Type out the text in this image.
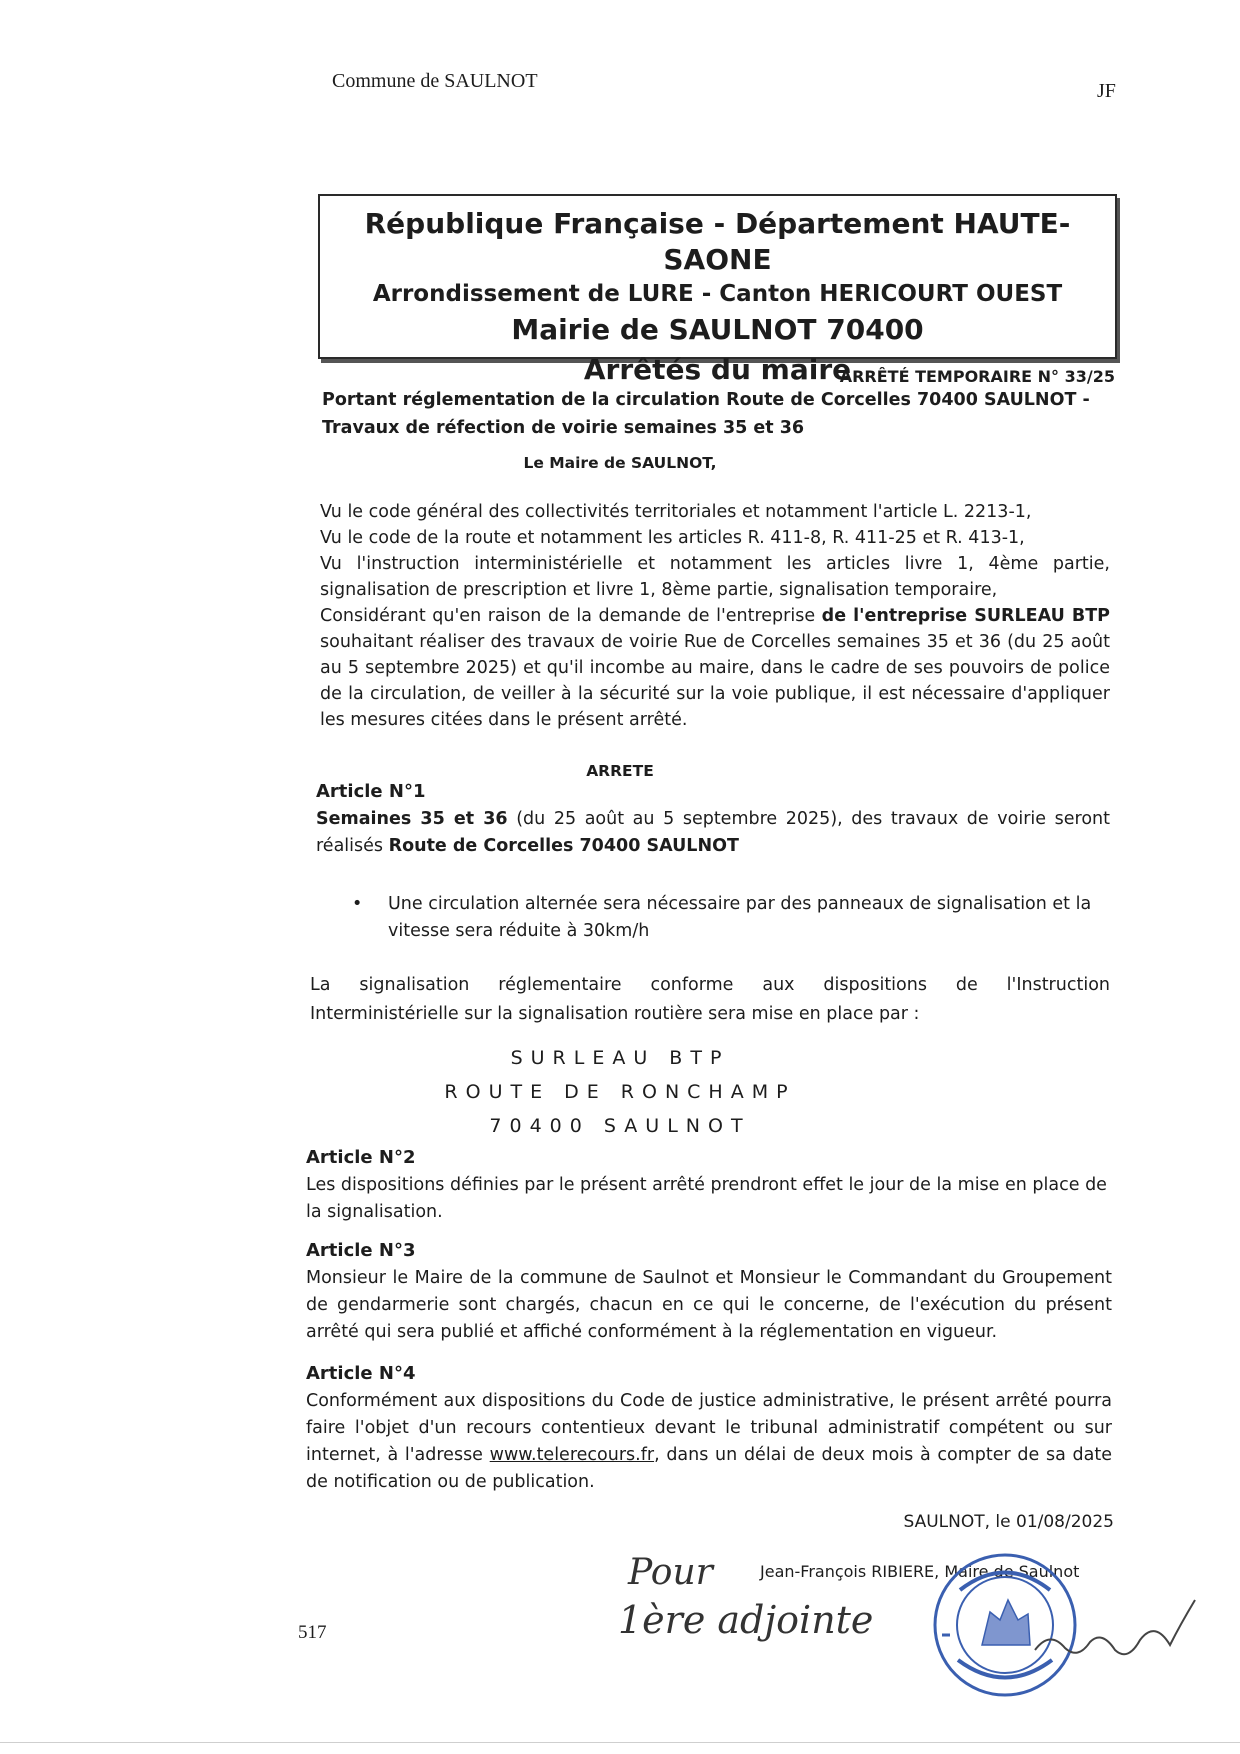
Commune de SAULNOT	JF
République Française - Département HAUTE-SAONE
Arrondissement de LURE - Canton HERICOURT OUEST
Mairie de SAULNOT 70400
Arrêtés du maire
ARRÊTÉ TEMPORAIRE N° 33/25
Portant réglementation de la circulation Route de Corcelles 70400 SAULNOT -
Travaux de réfection de voirie semaines 35 et 36
Le Maire de SAULNOT,

Vu le code général des collectivités territoriales et notamment l'article L. 2213-1,

Vu le code de la route et notamment les articles R. 411-8, R. 411-25 et R. 413-1,

Vu l'instruction interministérielle et notamment les articles livre 1, 4ème partie, signalisation de prescription et livre 1, 8ème partie, signalisation temporaire,

Considérant qu'en raison de la demande de l'entreprise de l'entreprise SURLEAU BTP souhaitant réaliser des travaux de voirie Rue de Corcelles semaines 35 et 36 (du 25 août au 5 septembre 2025) et qu'il incombe au maire, dans le cadre de ses pouvoirs de police de la circulation, de veiller à la sécurité sur la voie publique, il est nécessaire d'appliquer les mesures citées dans le présent arrêté.

ARRETE
Article N°1
Semaines 35 et 36 (du 25 août au 5 septembre 2025), des travaux de voirie seront réalisés Route de Corcelles 70400 SAULNOT
• Une circulation alternée sera nécessaire par des panneaux de signalisation et la vitesse sera réduite à 30km/h
La signalisation réglementaire conforme aux dispositions de l'Instruction
Interministérielle sur la signalisation routière sera mise en place par :
SURLEAU BTP
ROUTE DE RONCHAMP
70400 SAULNOT
Article N°2
Les dispositions définies par le présent arrêté prendront effet le jour de la mise en place de la signalisation.
Article N°3
Monsieur le Maire de la commune de Saulnot et Monsieur le Commandant du Groupement de gendarmerie sont chargés, chacun en ce qui le concerne, de l'exécution du présent arrêté qui sera publié et affiché conformément à la réglementation en vigueur.
Article N°4
Conformément aux dispositions du Code de justice administrative, le présent arrêté pourra faire l'objet d'un recours contentieux devant le tribunal administratif compétent ou sur internet, à l'adresse www.telerecours.fr, dans un délai de deux mois à compter de sa date de notification ou de publication.
SAULNOT, le 01/08/2025
Jean-François RIBIERE, Maire de Saulnot
Pour
1ère adjointe
517
